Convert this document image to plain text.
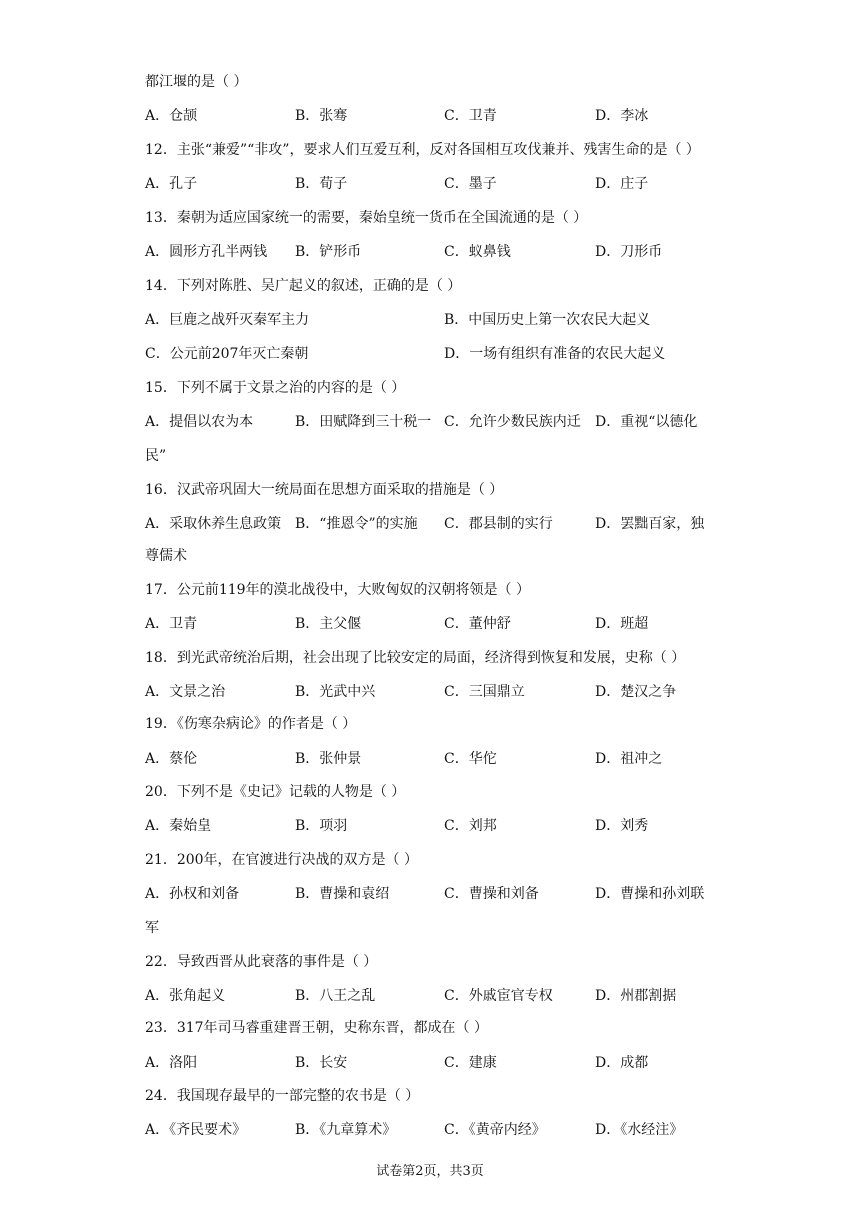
都江堰的是（ ）
A．仓颉	B．张骞	C．卫青	D．李冰
12．主张“兼爱”“非攻”，要求人们互爱互利，反对各国相互攻伐兼并、残害生命的是（ ）
A．孔子	B．荀子	C．墨子	D．庄子
13．秦朝为适应国家统一的需要，秦始皇统一货币在全国流通的是（ ）
A．圆形方孔半两钱 B．铲形币	C．蚁鼻钱	D．刀形币
14．下列对陈胜、吴广起义的叙述，正确的是（ ）
A．巨鹿之战歼灭秦军主力	B．中国历史上第一次农民大起义
C．公元前207年灭亡秦朝	D．一场有组织有准备的农民大起义
15．下列不属于文景之治的内容的是（ ）
A．提倡以农为本	B．田赋降到三十税一 C．允许少数民族内迁 D．重视“以德化
民”
16．汉武帝巩固大一统局面在思想方面采取的措施是（ ）
A．采取休养生息政策 B．“推恩令”的实施 C．郡县制的实行	D．罢黜百家，独
尊儒术
17．公元前119年的漠北战役中，大败匈奴的汉朝将领是（ ）
A．卫青	B．主父偃	C．董仲舒	D．班超
18．到光武帝统治后期，社会出现了比较安定的局面，经济得到恢复和发展，史称（ ）
A．文景之治	B．光武中兴	C．三国鼎立	D．楚汉之争
19．《伤寒杂病论》的作者是（ ）
A．蔡伦	B．张仲景	C．华佗	D．祖冲之
20．下列不是《史记》记载的人物是（ ）
A．秦始皇	B．项羽	C．刘邦	D．刘秀
21．200年，在官渡进行决战的双方是（ ）
A．孙权和刘备	B．曹操和袁绍	C．曹操和刘备	D．曹操和孙刘联
军
22．导致西晋从此衰落的事件是（ ）
A．张角起义	B．八王之乱	C．外戚宦官专权	D．州郡割据
23．317年司马睿重建晋王朝，史称东晋，都成在（ ）
A．洛阳	B．长安	C．建康	D．成都
24．我国现存最早的一部完整的农书是（ ）
A．《齐民要术》	B．《九章算术》	C．《黄帝内经》	D．《水经注》
试卷第2页，共3页
